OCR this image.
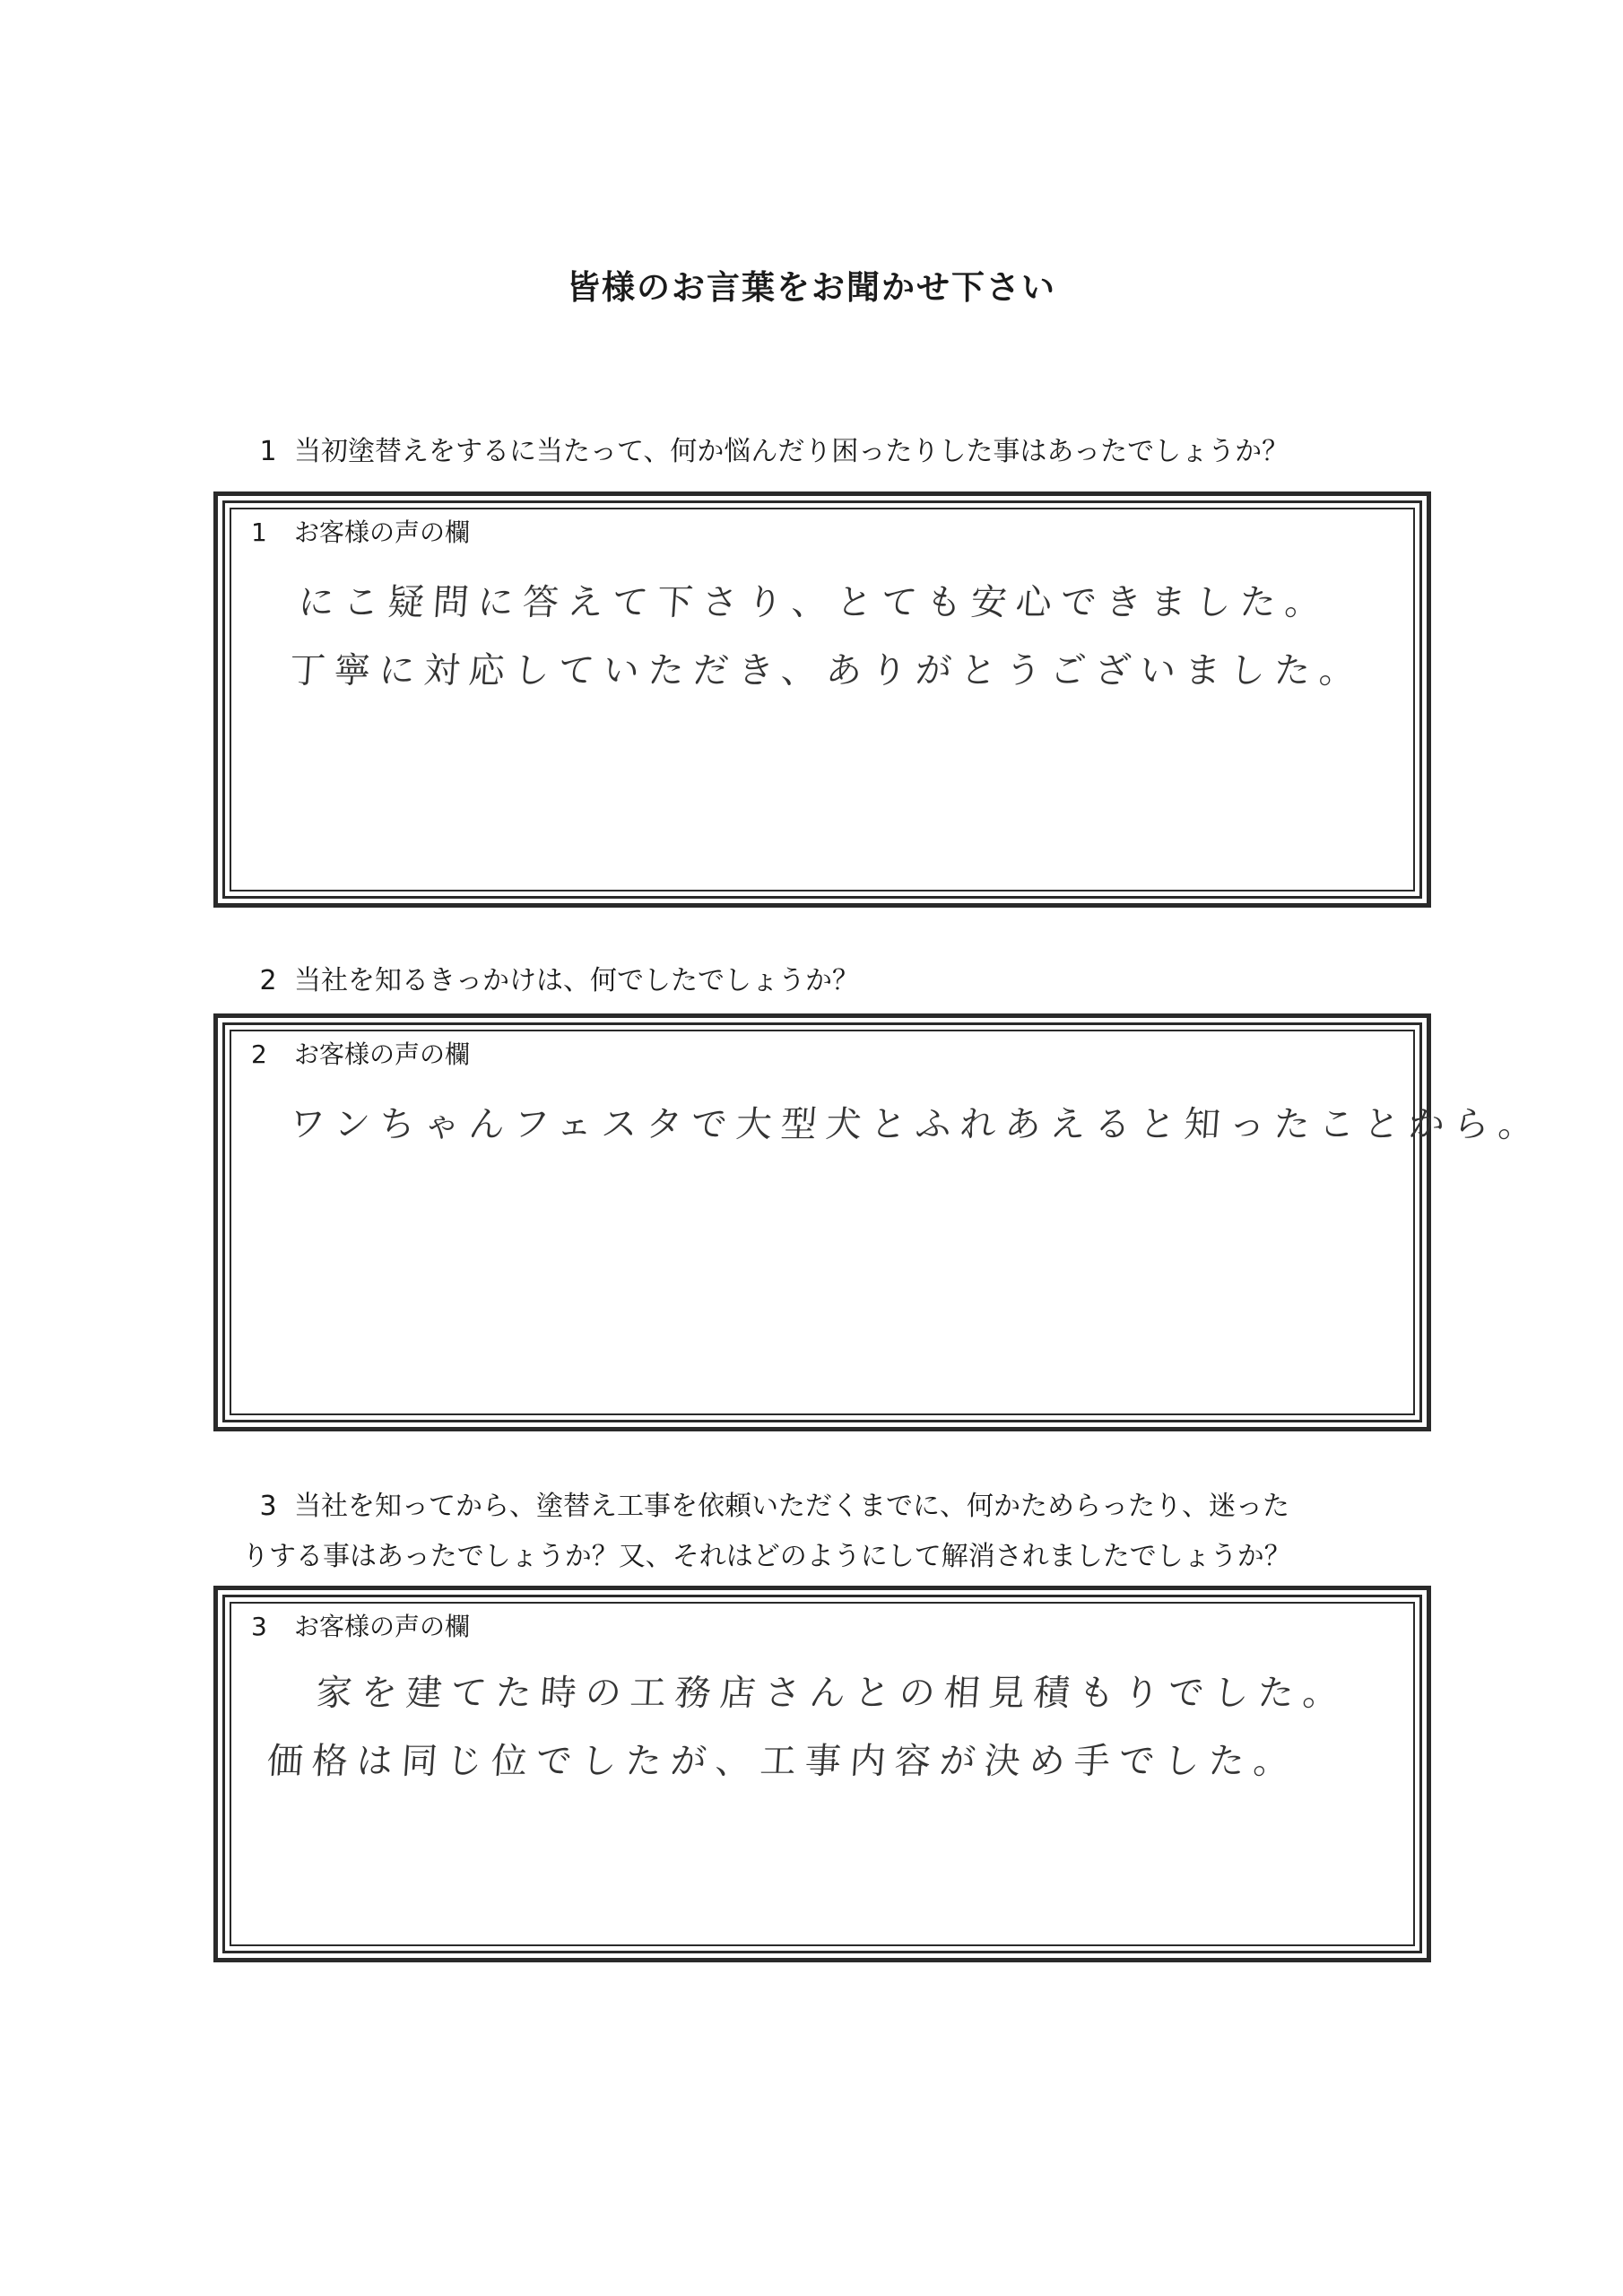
皆様のお言葉をお聞かせ下さい
1 当初塗替えをするに当たって、何か悩んだり困ったりした事はあったでしょうか？
1 お客様の声の欄
にこ疑問に答えて下さり、とても安心できました。
丁寧に対応していただき、ありがとうございました。
2 当社を知るきっかけは、何でしたでしょうか？
2 お客様の声の欄
ワンちゃんフェスタで大型犬とふれあえると知ったことから。
3 当社を知ってから、塗替え工事を依頼いただくまでに、何かためらったり、迷った
りする事はあったでしょうか？又、それはどのようにして解消されましたでしょうか？
3 お客様の声の欄
家を建てた時の工務店さんとの相見積もりでした。
価格は同じ位でしたが、工事内容が決め手でした。
